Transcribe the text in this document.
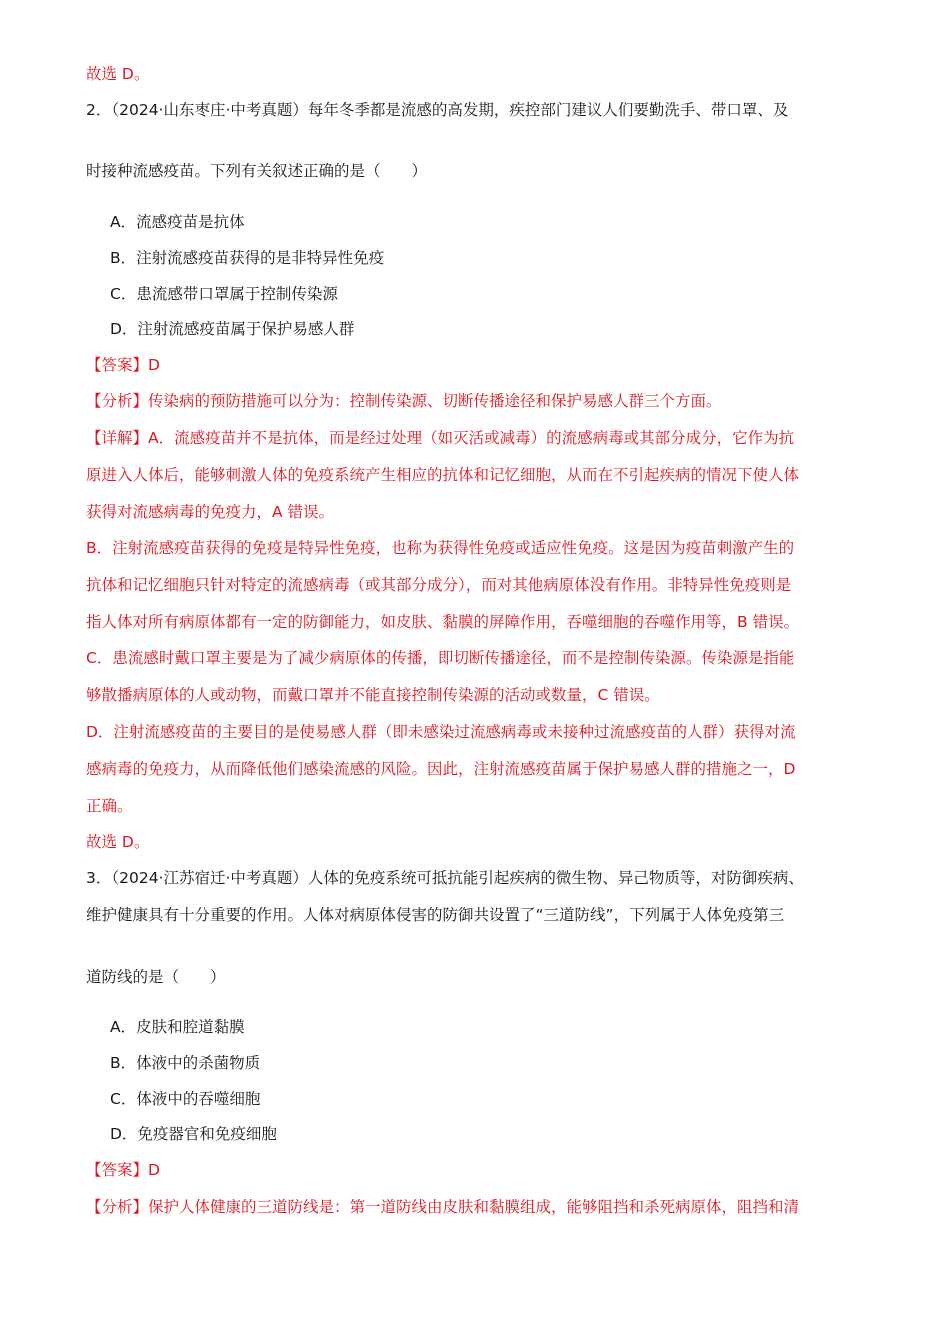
故选 D。
2．（2024·山东枣庄·中考真题）每年冬季都是流感的高发期，疾控部门建议人们要勤洗手、带口罩、及
时接种流感疫苗。下列有关叙述正确的是（　　）
A．流感疫苗是抗体
B．注射流感疫苗获得的是非特异性免疫
C．患流感带口罩属于控制传染源
D．注射流感疫苗属于保护易感人群
【答案】D
【分析】传染病的预防措施可以分为：控制传染源、切断传播途径和保护易感人群三个方面。
【详解】A．流感疫苗并不是抗体，而是经过处理（如灭活或减毒）的流感病毒或其部分成分，它作为抗
原进入人体后，能够刺激人体的免疫系统产生相应的抗体和记忆细胞，从而在不引起疾病的情况下使人体
获得对流感病毒的免疫力，A 错误。
B．注射流感疫苗获得的免疫是特异性免疫，也称为获得性免疫或适应性免疫。这是因为疫苗刺激产生的
抗体和记忆细胞只针对特定的流感病毒（或其部分成分），而对其他病原体没有作用。非特异性免疫则是
指人体对所有病原体都有一定的防御能力，如皮肤、黏膜的屏障作用，吞噬细胞的吞噬作用等，B 错误。
C．患流感时戴口罩主要是为了减少病原体的传播，即切断传播途径，而不是控制传染源。传染源是指能
够散播病原体的人或动物，而戴口罩并不能直接控制传染源的活动或数量，C 错误。
D．注射流感疫苗的主要目的是使易感人群（即未感染过流感病毒或未接种过流感疫苗的人群）获得对流
感病毒的免疫力，从而降低他们感染流感的风险。因此，注射流感疫苗属于保护易感人群的措施之一，D
正确。
故选 D。
3．（2024·江苏宿迁·中考真题）人体的免疫系统可抵抗能引起疾病的微生物、异己物质等，对防御疾病、
维护健康具有十分重要的作用。人体对病原体侵害的防御共设置了“三道防线”，下列属于人体免疫第三
道防线的是（　　）
A．皮肤和腔道黏膜
B．体液中的杀菌物质
C．体液中的吞噬细胞
D．免疫器官和免疫细胞
【答案】D
【分析】保护人体健康的三道防线是：第一道防线由皮肤和黏膜组成，能够阻挡和杀死病原体，阻挡和清
